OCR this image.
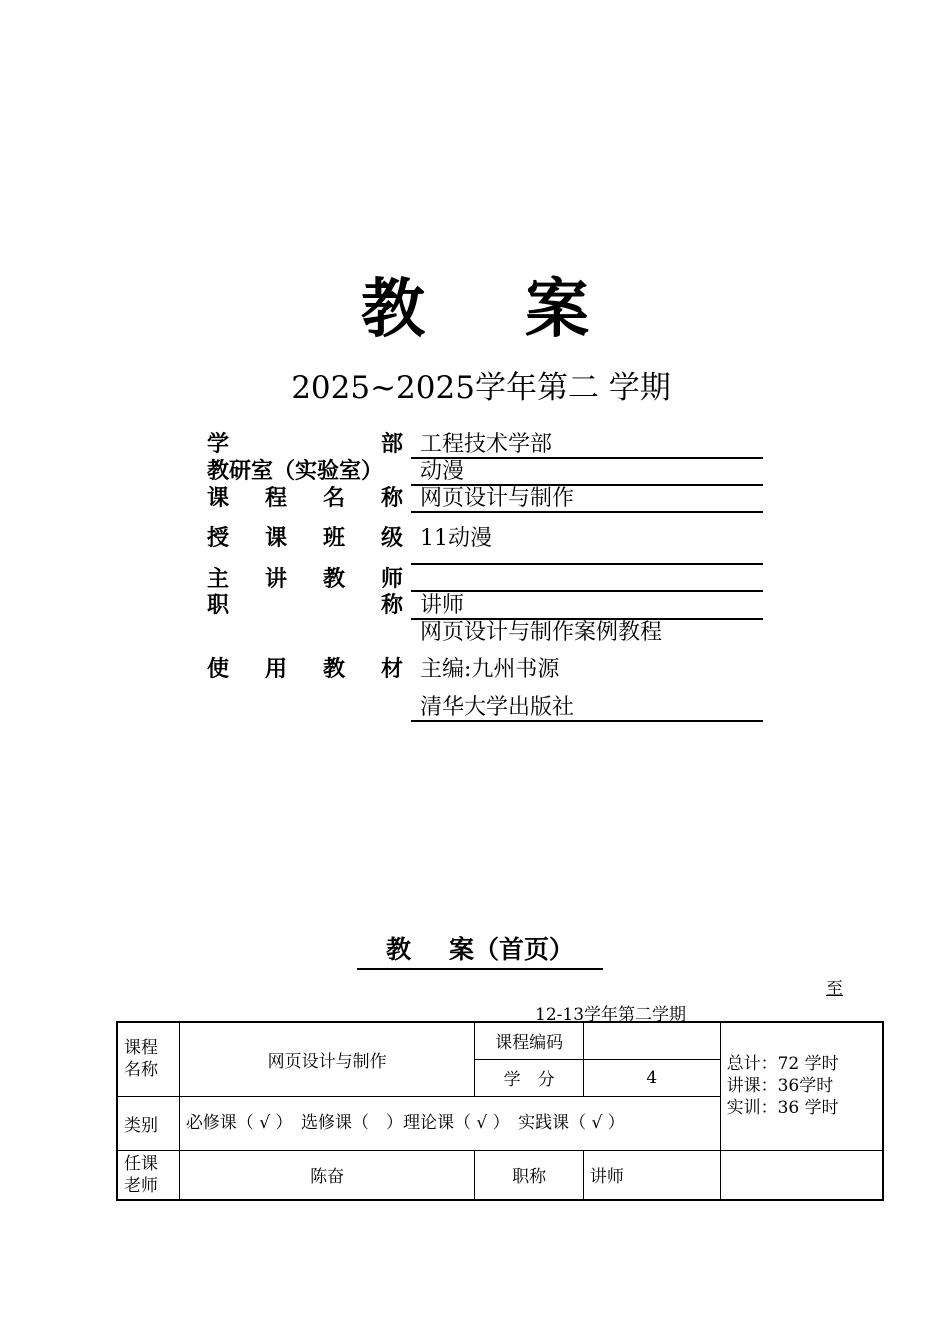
教 案
2025~2025学年第二 学期
学	部 工程技术学部
教研室（实验室） 动漫
课 程 名 称 网页设计与制作
授 课 班 级 11动漫
主 讲 教 师
职	称 讲师
网页设计与制作案例教程
使 用 教 材 主编:九州书源
清华大学出版社
教 案（首页）
至
12-13学年第二学期
课程名称	网页设计与制作	课程编码		总计：72 学时
讲课：36学时
实训：36 学时

		学　分	4	
类别	必修课（ √ ）　选修课（　）理论课（ √ ）　实践课（ √ ）			
任课老师	陈奋	职称	讲师	
